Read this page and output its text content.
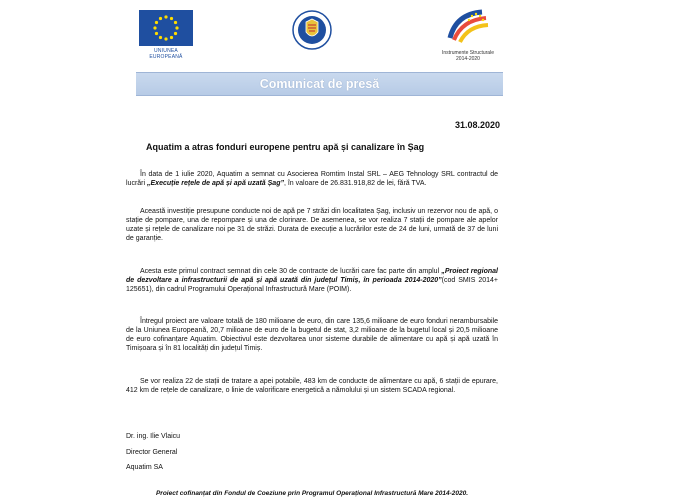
UNIUNEA EUROPEANĂ
Instrumente Structurale
2014-2020
Comunicat de presă
31.08.2020
Aquatim a atras fonduri europene pentru apă și canalizare în Șag

În data de 1 iulie 2020, Aquatim a semnat cu Asocierea Romtim Instal SRL – AEG Tehnology SRL contractul de lucrări „Execuție rețele de apă și apă uzată Șag”, în valoare de 26.831.918,82 de lei, fără TVA.

Această investiție presupune conducte noi de apă pe 7 străzi din localitatea Șag, inclusiv un rezervor nou de apă, o stație de pompare, una de repompare și una de clorinare. De asemenea, se vor realiza 7 stații de pompare ale apelor uzate și rețele de canalizare noi pe 31 de străzi. Durata de execuție a lucrărilor este de 24 de luni, urmată de 37 de luni de garanție.

Acesta este primul contract semnat din cele 30 de contracte de lucrări care fac parte din amplul „Proiect regional de dezvoltare a infrastructurii de apă și apă uzată din județul Timiș, în perioada 2014-2020”(cod SMIS 2014+ 125651), din cadrul Programului Operațional Infrastructură Mare (POIM).

Întregul proiect are valoare totală de 180 milioane de euro, din care 135,6 milioane de euro fonduri nerambursabile de la Uniunea Europeană, 20,7 milioane de euro de la bugetul de stat, 3,2 milioane de la bugetul local și 20,5 milioane de euro cofinanțare Aquatim. Obiectivul este dezvoltarea unor sisteme durabile de alimentare cu apă și apă uzată în Timișoara și în 81 localități din județul Timiș.

Se vor realiza 22 de stații de tratare a apei potabile, 483 km de conducte de alimentare cu apă, 6 stații de epurare, 412 km de rețele de canalizare, o linie de valorificare energetică a nămolului și un sistem SCADA regional.

Dr. ing. Ilie Vlaicu
Director General
Aquatim SA
Proiect cofinanțat din Fondul de Coeziune prin Programul Operațional Infrastructură Mare 2014-2020.
